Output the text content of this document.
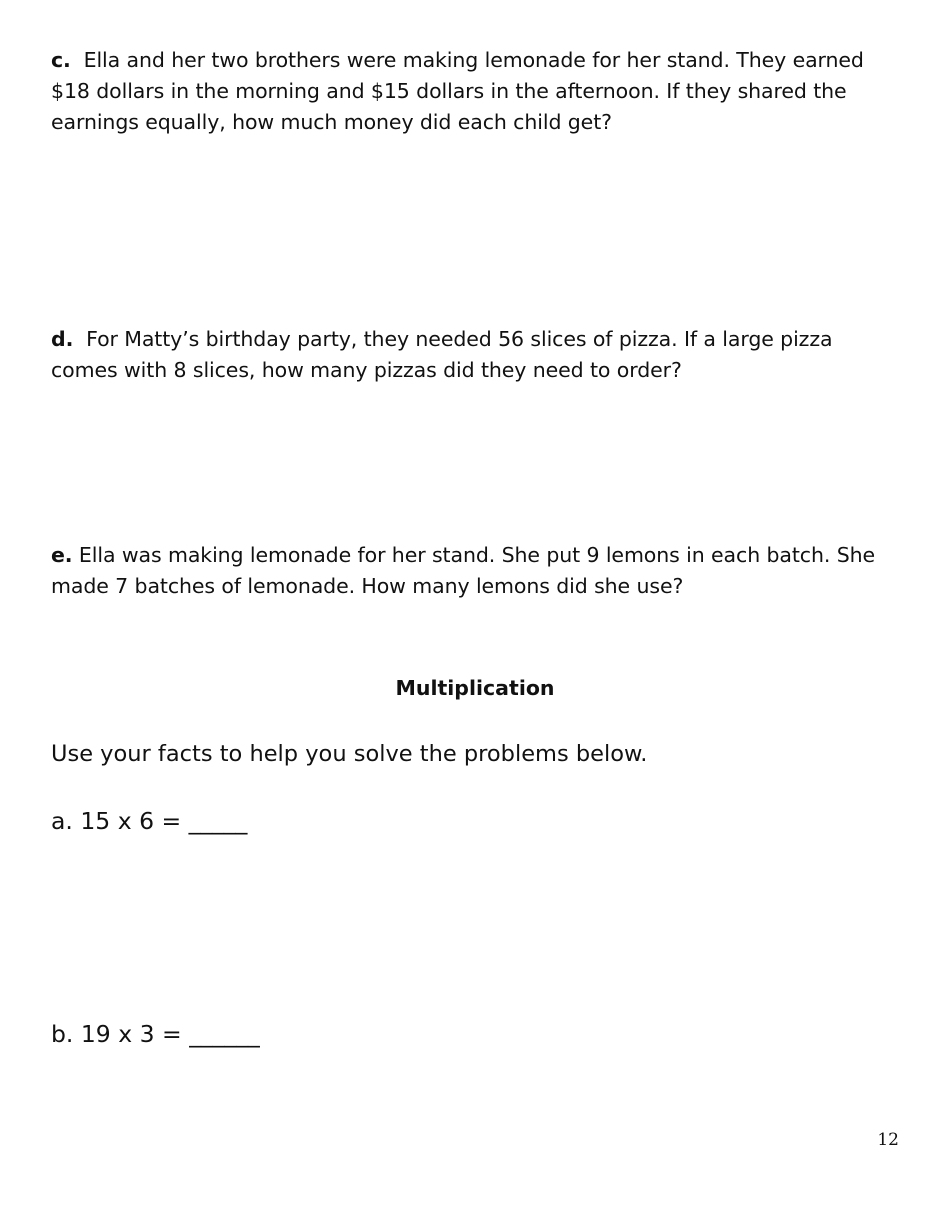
c. Ella and her two brothers were making lemonade for her stand. They earned $18 dollars in the morning and $15 dollars in the afternoon. If they shared the earnings equally, how much money did each child get?

d. For Matty’s birthday party, they needed 56 slices of pizza. If a large pizza comes with 8 slices, how many pizzas did they need to order?

e. Ella was making lemonade for her stand. She put 9 lemons in each batch. She made 7 batches of lemonade. How many lemons did she use?

Multiplication

Use your facts to help you solve the problems below.

a. 15 x 6 = _____

b. 19 x 3 = ______

12
